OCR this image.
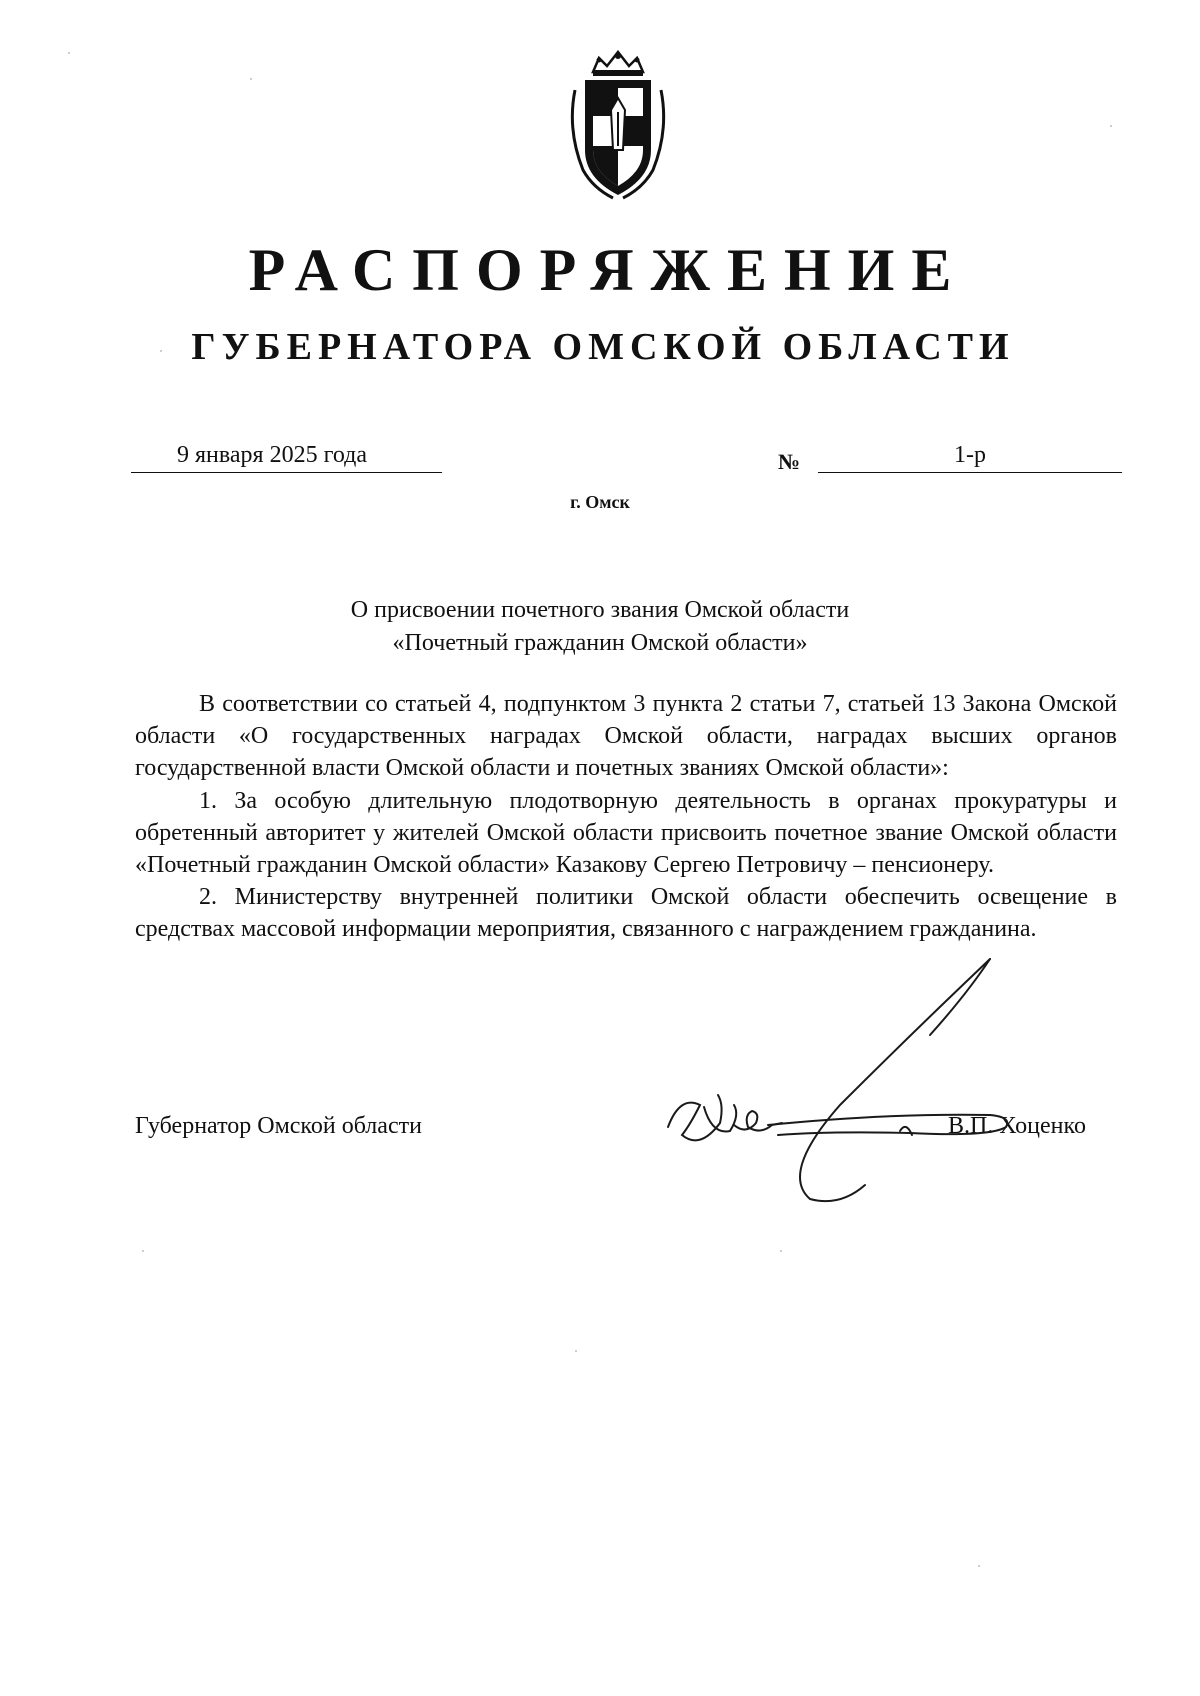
РАСПОРЯЖЕНИЕ
ГУБЕРНАТОРА ОМСКОЙ ОБЛАСТИ
9 января 2025 года	№	1-р
г. Омск
О присвоении почетного звания Омской области
«Почетный гражданин Омской области»

В соответствии со статьей 4, подпунктом 3 пункта 2 статьи 7, статьей 13 Закона Омской области «О государственных наградах Омской области, наградах высших органов государственной власти Омской области и почетных званиях Омской области»:

1. За особую длительную плодотворную деятельность в органах прокуратуры и обретенный авторитет у жителей Омской области присвоить почетное звание Омской области «Почетный гражданин Омской области» Казакову Сергею Петровичу – пенсионеру.

2. Министерству внутренней политики Омской области обеспечить освещение в средствах массовой информации мероприятия, связанного с награждением гражданина.

Губернатор Омской области	В.П. Хоценко
